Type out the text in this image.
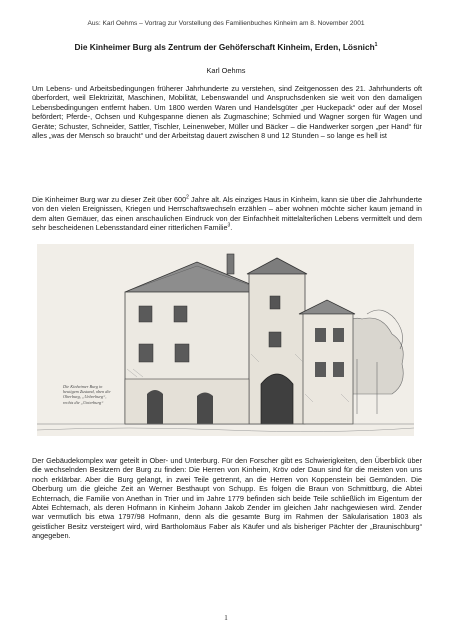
Aus: Karl Oehms – Vortrag zur Vorstellung des Familienbuches Kinheim am 8. November 2001
Die Kinheimer Burg als Zentrum der Gehöferschaft Kinheim, Erden, Lösnich$^1$
Karl Oehms

Um Lebens- und Arbeitsbedingungen früherer Jahrhunderte zu verstehen, sind Zeitgenossen des 21. Jahrhunderts oft überfordert, weil Elektrizität, Maschinen, Mobilität, Lebenswandel und Anspruchsdenken sie weit von den damaligen Lebensbedingungen entfernt haben. Um 1800 werden Waren und Handelsgüter „per Huckepack“ oder auf der Mosel befördert; Pferde-, Ochsen und Kuhgespanne dienen als Zugmaschine; Schmied und Wagner sorgen für Wagen und Geräte; Schuster, Schneider, Sattler, Tischler, Leinenweber, Müller und Bäcker – die Handwerker sorgen „per Hand“ für alles „was der Mensch so braucht“ und der Arbeitstag dauert zwischen 8 und 12 Stunden – so lange es hell ist

Die Kinheimer Burg war zu dieser Zeit über $600^2$ Jahre alt. Als einziges Haus in Kinheim, kann sie über die Jahrhunderte von den vielen Ereignissen, Kriegen und Herrschaftswechseln erzählen – aber wohnen möchte sicher kaum jemand in dem alten Gemäuer, das einen anschaulichen Eindruck von der Einfachheit mittelalterlichen Lebens vermittelt und dem sehr bescheidenen Lebensstandard einer ritterlichen Familie$^3$.

Die Kinheimer Burg in heutigem Zustand, oben die Oberburg, „Ueberburg“, rechts die „Unterburg“

Der Gebäudekomplex war geteilt in Ober- und Unterburg. Für den Forscher gibt es Schwierigkeiten, den Überblick über die wechselnden Besitzern der Burg zu finden: Die Herren von Kinheim, Kröv oder Daun sind für die meisten von uns noch erklärbar. Aber die Burg gelangt, in zwei Teile getrennt, an die Herren von Koppenstein bei Gemünden. Die Oberburg um die gleiche Zeit an Werner Besthaupt von Schupp. Es folgen die Braun von Schmittburg, die Abtei Echternach, die Familie von Anethan in Trier und im Jahre 1779 befinden sich beide Teile schließlich im Eigentum der Abtei Echternach, als deren Hofmann in Kinheim Johann Jakob Zender im gleichen Jahr nachgewiesen wird. Zender war vermutlich bis etwa 1797/98 Hofmann, denn als die gesamte Burg im Rahmen der Säkularisation 1803 als geistlicher Besitz versteigert wird, wird Bartholomäus Faber als Käufer und als bisheriger Pächter der „Braunischburg“ angegeben.

1
